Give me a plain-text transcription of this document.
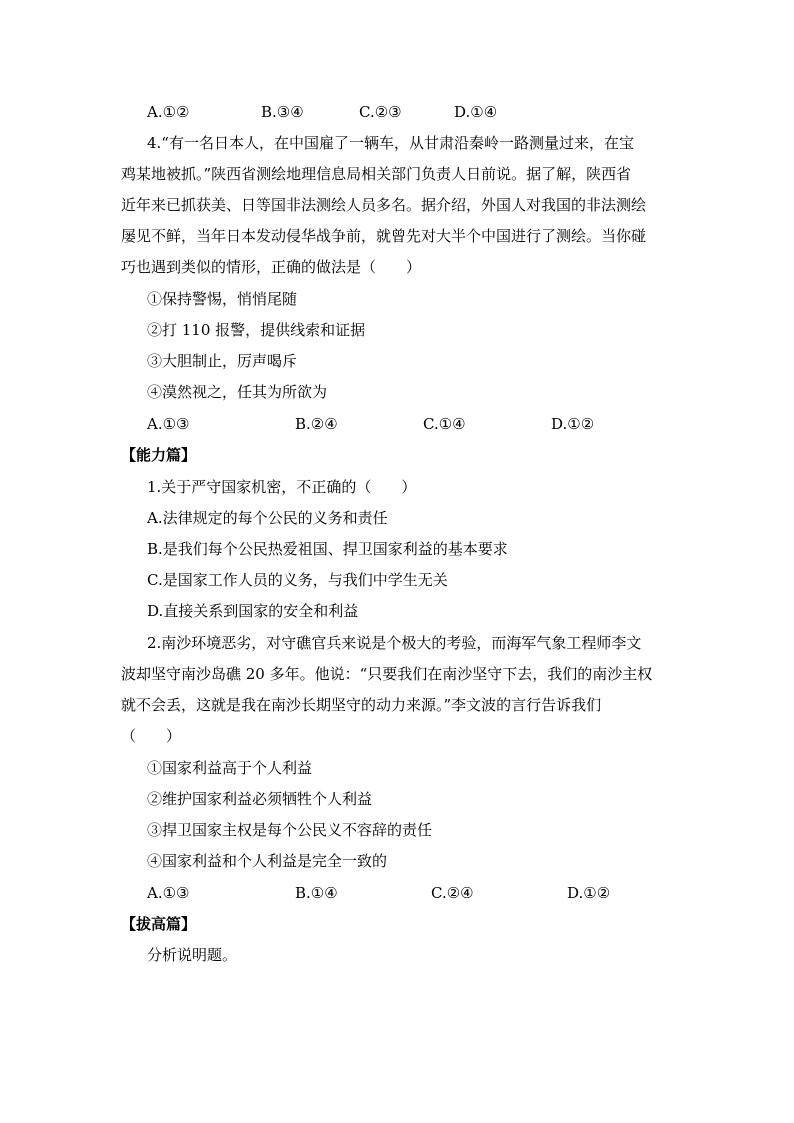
A.①②	B.③④	C.②③	D.①④
4.“有一名日本人，在中国雇了一辆车，从甘肃沿秦岭一路测量过来，在宝
鸡某地被抓。”陕西省测绘地理信息局相关部门负责人日前说。据了解，陕西省
近年来已抓获美、日等国非法测绘人员多名。据介绍，外国人对我国的非法测绘
屡见不鲜，当年日本发动侵华战争前，就曾先对大半个中国进行了测绘。当你碰
巧也遇到类似的情形，正确的做法是（　　）
①保持警惕，悄悄尾随
②打 110 报警，提供线索和证据
③大胆制止，厉声喝斥
④漠然视之，任其为所欲为
A.①③	B.②④	C.①④	D.①②
【能力篇】
1.关于严守国家机密，不正确的（　　）
A.法律规定的每个公民的义务和责任
B.是我们每个公民热爱祖国、捍卫国家利益的基本要求
C.是国家工作人员的义务，与我们中学生无关
D.直接关系到国家的安全和利益
2.南沙环境恶劣，对守礁官兵来说是个极大的考验，而海军气象工程师李文
波却坚守南沙岛礁 20 多年。他说：“只要我们在南沙坚守下去，我们的南沙主权
就不会丢，这就是我在南沙长期坚守的动力来源。”李文波的言行告诉我们
（　　）
①国家利益高于个人利益
②维护国家利益必须牺牲个人利益
③捍卫国家主权是每个公民义不容辞的责任
④国家利益和个人利益是完全一致的
A.①③	B.①④	C.②④	D.①②
【拔高篇】
分析说明题。
